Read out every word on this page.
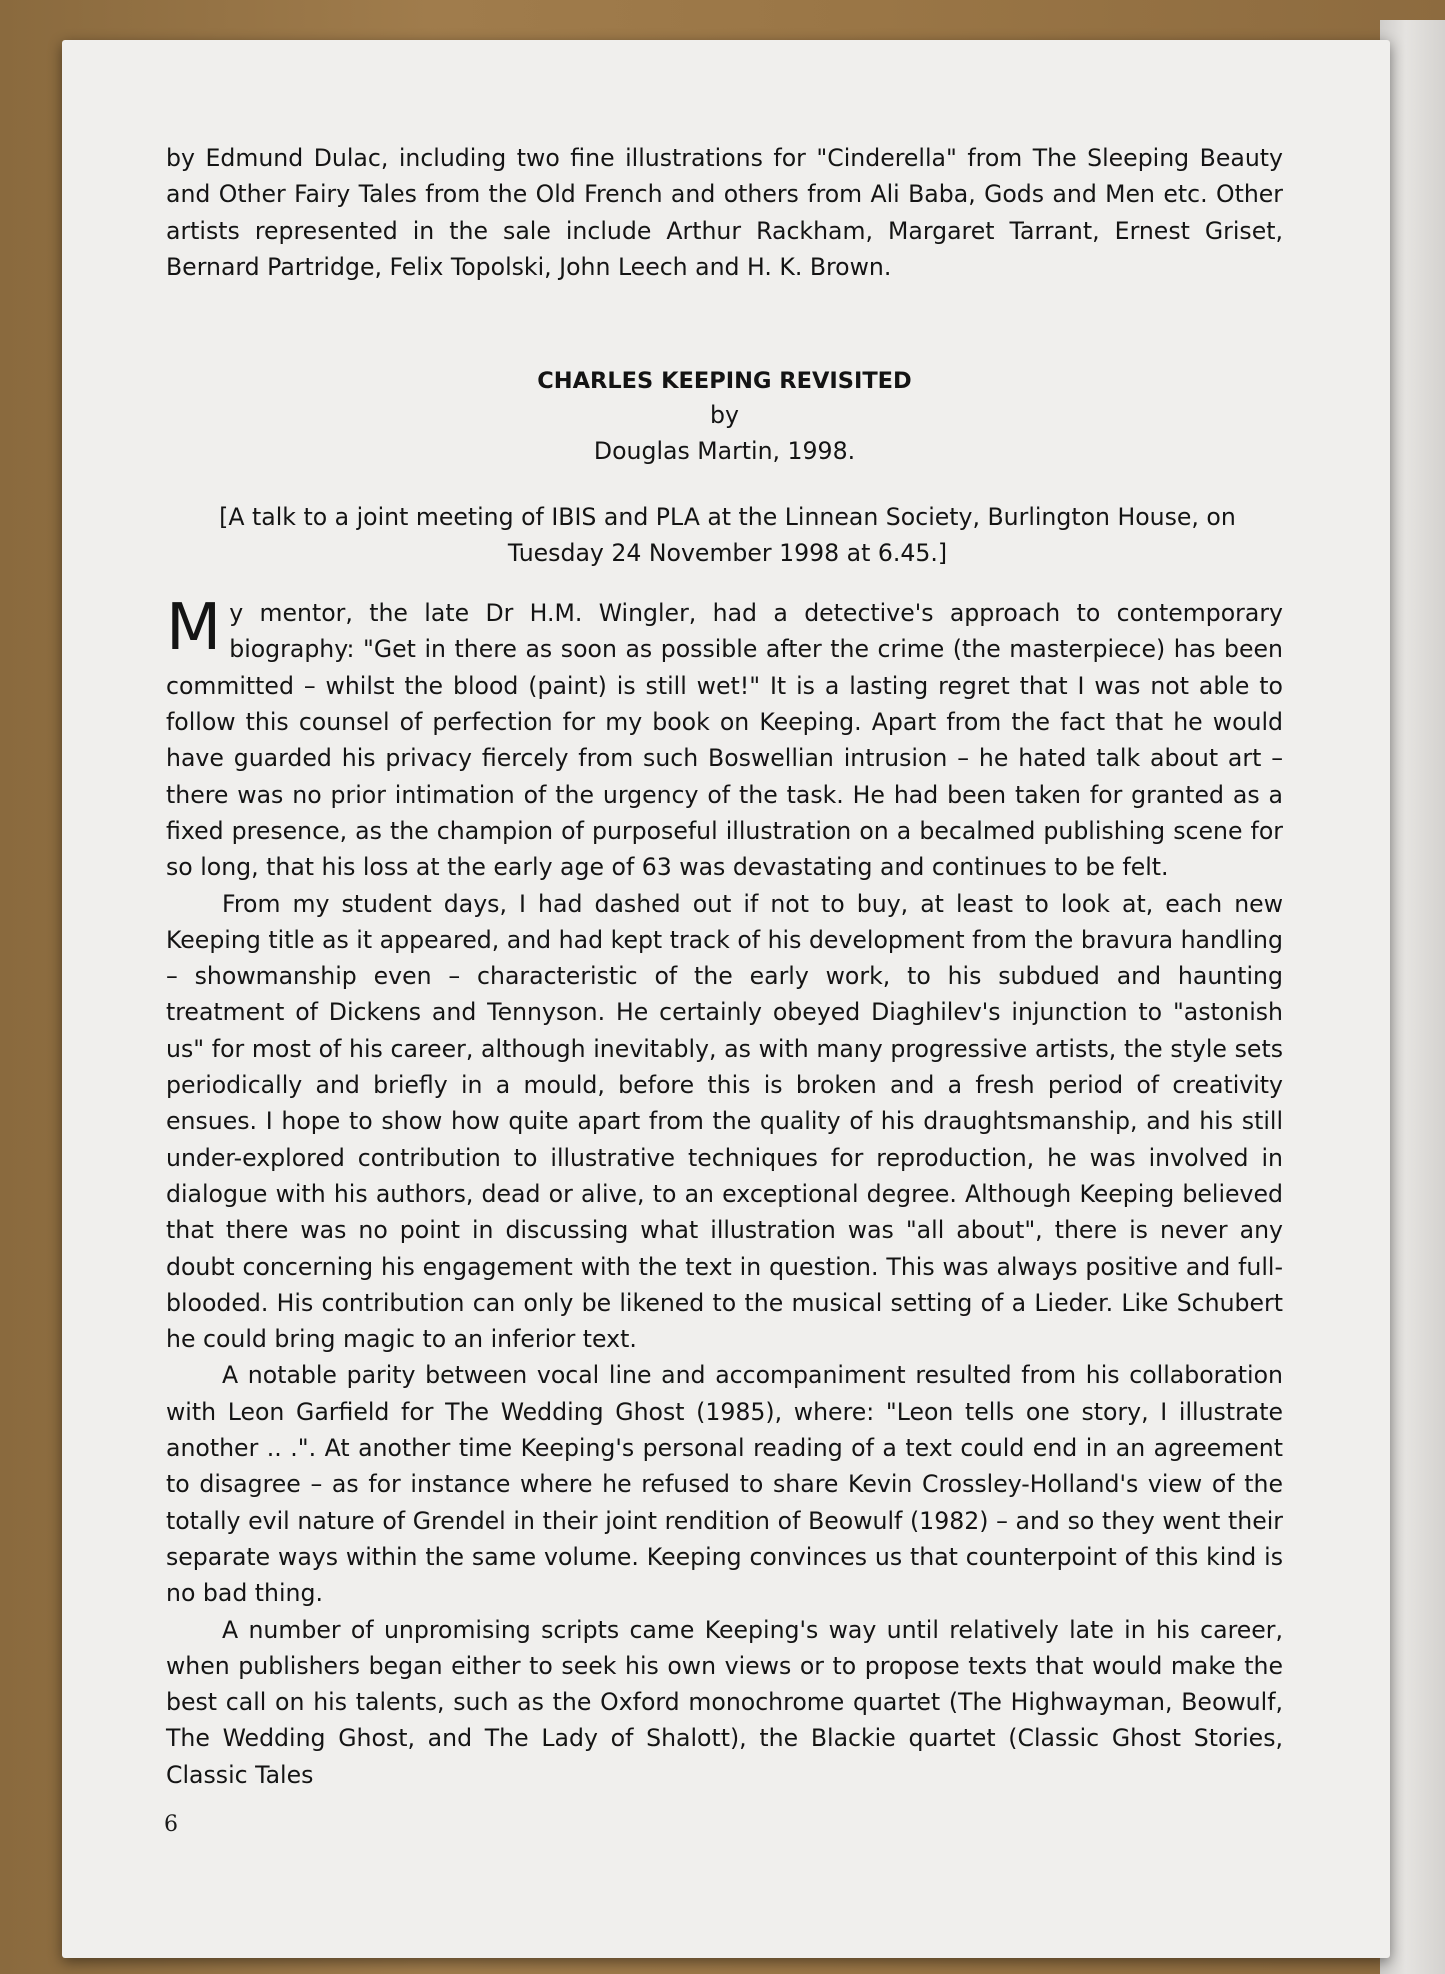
by Edmund Dulac, including two fine illustrations for "Cinderella" from The Sleeping Beauty and Other Fairy Tales from the Old French and others from Ali Baba, Gods and Men etc. Other artists represented in the sale include Arthur Rackham, Margaret Tarrant, Ernest Griset, Bernard Partridge, Felix Topolski, John Leech and H. K. Brown.

CHARLES KEEPING REVISITED
by
Douglas Martin, 1998.
[A talk to a joint meeting of IBIS and PLA at the Linnean Society, Burlington House, on Tuesday 24 November 1998 at 6.45.]

My mentor, the late Dr H.M. Wingler, had a detective's approach to contemporary biography: "Get in there as soon as possible after the crime (the masterpiece) has been committed – whilst the blood (paint) is still wet!" It is a lasting regret that I was not able to follow this counsel of perfection for my book on Keeping. Apart from the fact that he would have guarded his privacy fiercely from such Boswellian intrusion – he hated talk about art – there was no prior intimation of the urgency of the task. He had been taken for granted as a fixed presence, as the champion of purposeful illustration on a becalmed publishing scene for so long, that his loss at the early age of 63 was devastating and continues to be felt.

From my student days, I had dashed out if not to buy, at least to look at, each new Keeping title as it appeared, and had kept track of his development from the bravura handling – showmanship even – characteristic of the early work, to his subdued and haunting treatment of Dickens and Tennyson. He certainly obeyed Diaghilev's injunction to "astonish us" for most of his career, although inevitably, as with many progressive artists, the style sets periodically and briefly in a mould, before this is broken and a fresh period of creativity ensues. I hope to show how quite apart from the quality of his draughtsmanship, and his still under-explored contribution to illustrative techniques for reproduction, he was involved in dialogue with his authors, dead or alive, to an exceptional degree. Although Keeping believed that there was no point in discussing what illustration was "all about", there is never any doubt concerning his engagement with the text in question. This was always positive and full-blooded. His contribution can only be likened to the musical setting of a Lieder. Like Schubert he could bring magic to an inferior text.

A notable parity between vocal line and accompaniment resulted from his collaboration with Leon Garfield for The Wedding Ghost (1985), where: "Leon tells one story, I illustrate another .. .". At another time Keeping's personal reading of a text could end in an agreement to disagree – as for instance where he refused to share Kevin Crossley-Holland's view of the totally evil nature of Grendel in their joint rendition of Beowulf (1982) – and so they went their separate ways within the same volume. Keeping convinces us that counterpoint of this kind is no bad thing.

A number of unpromising scripts came Keeping's way until relatively late in his career, when publishers began either to seek his own views or to propose texts that would make the best call on his talents, such as the Oxford monochrome quartet (The Highwayman, Beowulf, The Wedding Ghost, and The Lady of Shalott), the Blackie quartet (Classic Ghost Stories, Classic Tales

6
